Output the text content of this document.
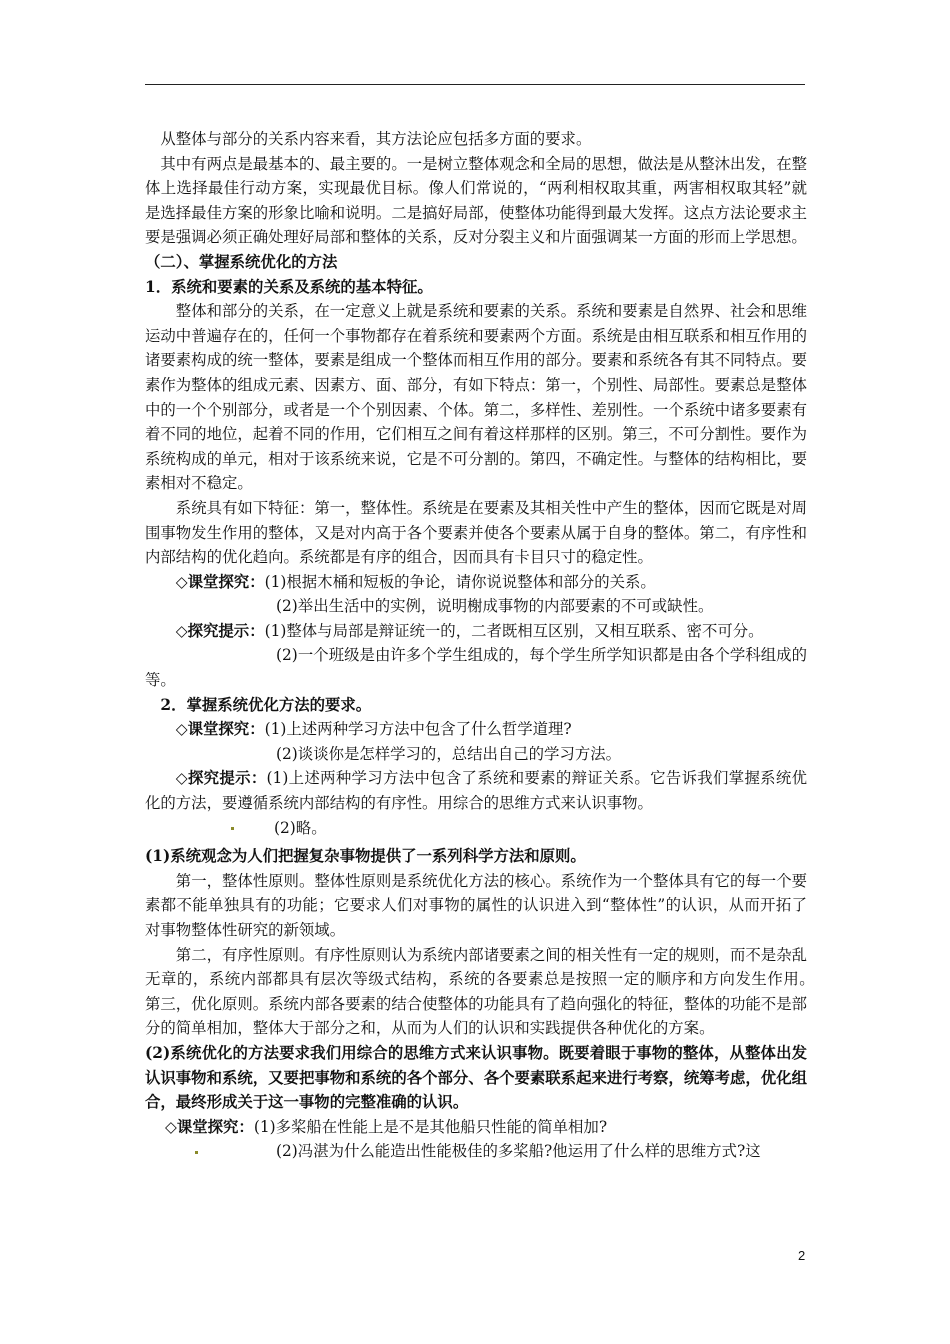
从整体与部分的关系内容来看，其方法论应包括多方面的要求。

其中有两点是最基本的、最主要的。一是树立整体观念和全局的思想，做法是从整沐出发，在整体上选择最佳行动方案，实现最优目标。像人们常说的，“两利相权取其重，两害相权取其轻”就是选择最佳方案的形象比喻和说明。二是搞好局部，使整体功能得到最大发挥。这点方法论要求主要是强调必须正确处理好局部和整体的关系，反对分裂主义和片面强调某一方面的形而上学思想。

（二）、掌握系统优化的方法

1．系统和要素的关系及系统的基本特征。

整体和部分的关系，在一定意义上就是系统和要素的关系。系统和要素是自然界、社会和思维运动中普遍存在的，任何一个事物都存在着系统和要素两个方面。系统是由相互联系和相互作用的诸要素构成的统一整体，要素是组成一个整体而相互作用的部分。要素和系统各有其不同特点。要素作为整体的组成元素、因素方、面、部分，有如下特点：第一，个别性、局部性。要素总是整体中的一个个别部分，或者是一个个别因素、个体。第二，多样性、差别性。一个系统中诸多要素有着不同的地位，起着不同的作用，它们相互之间有着这样那样的区别。第三，不可分割性。要作为系统构成的单元，相对于该系统来说，它是不可分割的。第四，不确定性。与整体的结构相比，要素相对不稳定。

系统具有如下特征：第一，整体性。系统是在要素及其相关性中产生的整体，因而它既是对周围事物发生作用的整体，又是对内高于各个要素并使各个要素从属于自身的整体。第二，有序性和内部结构的优化趋向。系统都是有序的组合，因而具有卡目只寸的稳定性。

◇课堂探究：(1)根据木桶和短板的争论，请你说说整体和部分的关系。

(2)举出生活中的实例，说明榭成事物的内部要素的不可或缺性。

◇探究提示：(1)整体与局部是辩证统一的，二者既相互区别，又相互联系、密不可分。

(2)一个班级是由许多个学生组成的，每个学生所学知识都是由各个学科组成的等。

2．掌握系统优化方法的要求。

◇课堂探究：(1)上述两种学习方法中包含了什么哲学道理?

(2)谈谈你是怎样学习的，总结出自己的学习方法。

◇探究提示：(1)上述两种学习方法中包含了系统和要素的辩证关系。它告诉我们掌握系统优化的方法，要遵循系统内部结构的有序性。用综合的思维方式来认识事物。

(2)略。

(1)系统观念为人们把握复杂事物提供了一系列科学方法和原则。

第一，整体性原则。整体性原则是系统优化方法的核心。系统作为一个整体具有它的每一个要素都不能单独具有的功能；它要求人们对事物的属性的认识进入到“整体性”的认识，从而开拓了对事物整体性研究的新领域。

第二，有序性原则。有序性原则认为系统内部诸要素之间的相关性有一定的规则，而不是杂乱无章的，系统内部都具有层次等级式结构，系统的各要素总是按照一定的顺序和方向发生作用。　第三，优化原则。系统内部各要素的结合使整体的功能具有了趋向强化的特征，整体的功能不是部分的简单相加，整体大于部分之和，从而为人们的认识和实践提供各种优化的方案。

(2)系统优化的方法要求我们用综合的思维方式来认识事物。既要着眼于事物的整体，从整体出发认识事物和系统，又要把事物和系统的各个部分、各个要素联系起来进行考察，统筹考虑，优化组合，最终形成关于这一事物的完整准确的认识。

◇课堂探究：(1)多桨船在性能上是不是其他船只性能的简单相加?

(2)冯湛为什么能造出性能极佳的多桨船?他运用了什么样的思维方式?这

2
